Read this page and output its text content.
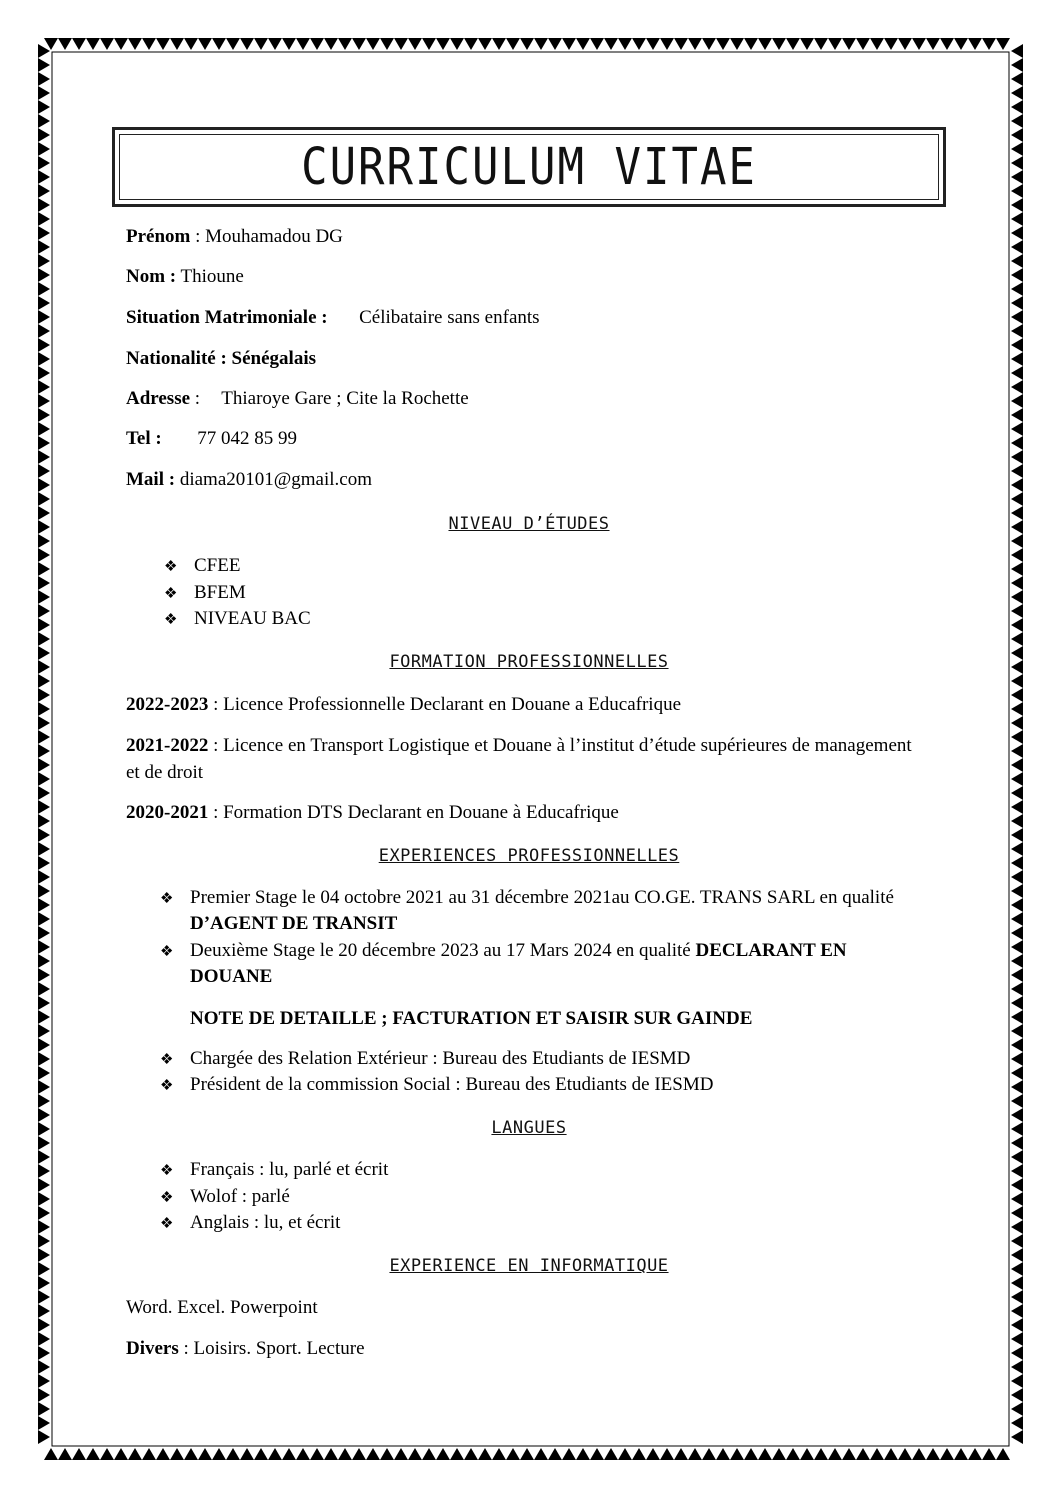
CURRICULUM VITAE
Prénom : Mouhamadou DG
Nom : Thioune
Situation Matrimoniale : Célibataire sans enfants
Nationalité : Sénégalais
Adresse : Thiaroye Gare ; Cite la Rochette
Tel : 77 042 85 99
Mail : diama20101@gmail.com
NIVEAU D’ÉTUDES
❖ CFEE
❖ BFEM
❖ NIVEAU BAC
FORMATION PROFESSIONNELLES
2022-2023 : Licence Professionnelle Declarant en Douane a Educafrique
2021-2022 : Licence en Transport Logistique et Douane à l’institut d’étude supérieures de management et de droit
2020-2021 : Formation DTS Declarant en Douane à Educafrique
EXPERIENCES PROFESSIONNELLES
❖ Premier Stage le 04 octobre 2021 au 31 décembre 2021au CO.GE. TRANS SARL en qualité D’AGENT DE TRANSIT
❖ Deuxième Stage le 20 décembre 2023 au 17 Mars 2024 en qualité DECLARANT EN DOUANE
NOTE DE DETAILLE ; FACTURATION ET SAISIR SUR GAINDE
❖ Chargée des Relation Extérieur : Bureau des Etudiants de IESMD
❖ Président de la commission Social : Bureau des Etudiants de IESMD
LANGUES
❖ Français : lu, parlé et écrit
❖ Wolof : parlé
❖ Anglais : lu, et écrit
EXPERIENCE EN INFORMATIQUE
Word. Excel. Powerpoint
Divers : Loisirs. Sport. Lecture
